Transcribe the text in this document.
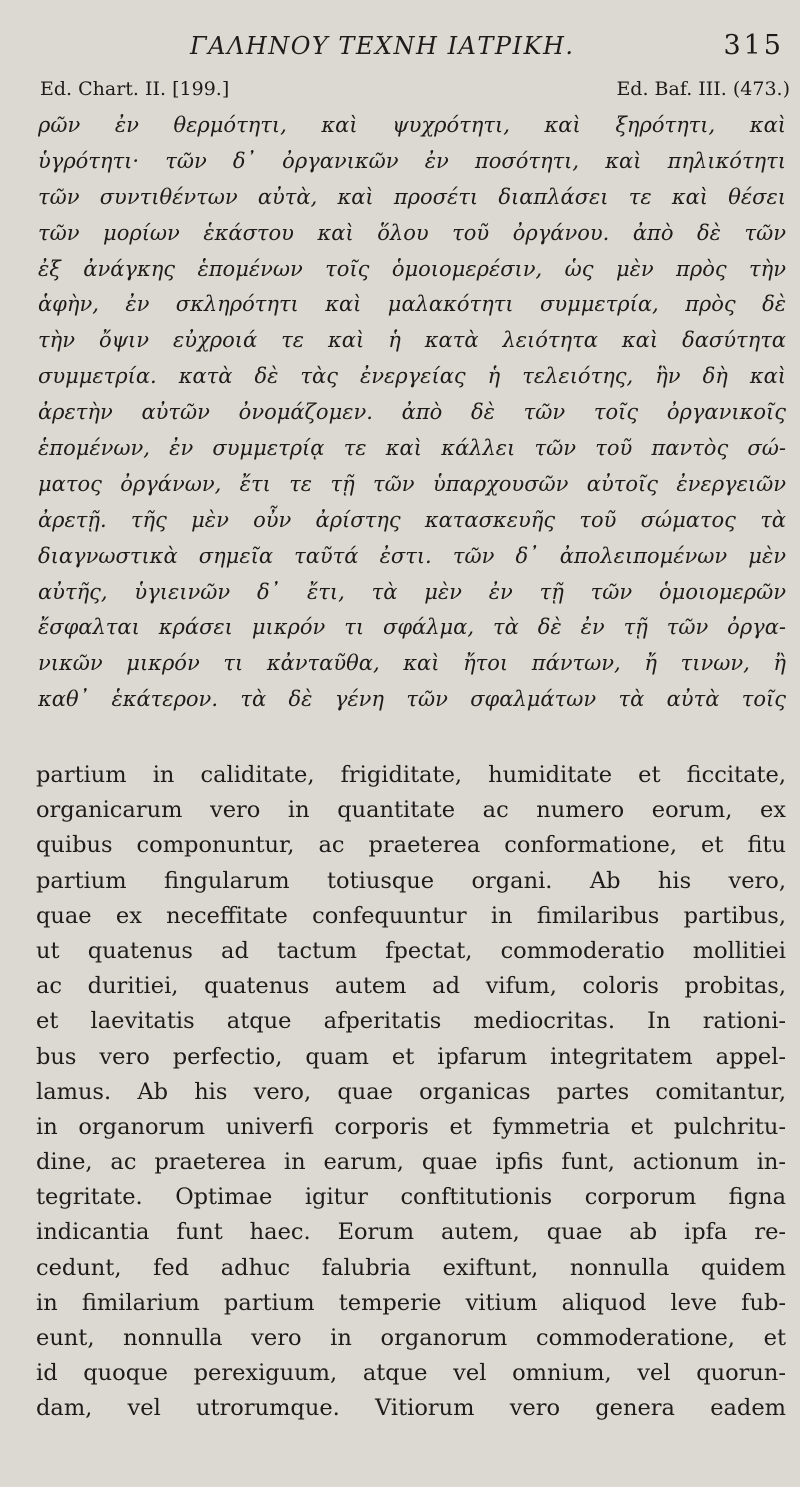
ΓΑΛΗΝΟΥ ΤΕΧΝΗ ΙΑΤΡΙΚΗ.	315
Ed. Chart. II. [199.]	Ed. Baf. III. (473.)
ρῶν ἐν θερμότητι, καὶ ψυχρότητι, καὶ ξηρότητι, καὶ
ὑγρότητι· τῶν δ᾽ ὀργανικῶν ἐν ποσότητι, καὶ πηλικότητι
τῶν συντιθέντων αὐτὰ, καὶ προσέτι διαπλάσει τε καὶ θέσει
τῶν μορίων ἑκάστου καὶ ὅλου τοῦ ὀργάνου. ἀπὸ δὲ τῶν
ἐξ ἀνάγκης ἑπομένων τοῖς ὁμοιομερέσιν, ὡς μὲν πρὸς τὴν
ἁφὴν, ἐν σκληρότητι καὶ μαλακότητι συμμετρία, πρὸς δὲ
τὴν ὄψιν εὐχροιά τε καὶ ἡ κατὰ λειότητα καὶ δασύτητα
συμμετρία. κατὰ δὲ τὰς ἐνεργείας ἡ τελειότης, ἣν δὴ καὶ
ἀρετὴν αὐτῶν ὀνομάζομεν. ἀπὸ δὲ τῶν τοῖς ὀργανικοῖς
ἑπομένων, ἐν συμμετρίᾳ τε καὶ κάλλει τῶν τοῦ παντὸς σώ-
ματος ὀργάνων, ἔτι τε τῇ τῶν ὑπαρχουσῶν αὐτοῖς ἐνεργειῶν
ἀρετῇ. τῆς μὲν οὖν ἀρίστης κατασκευῆς τοῦ σώματος τὰ
διαγνωστικὰ σημεῖα ταῦτά ἐστι. τῶν δ᾽ ἀπολειπομένων μὲν
αὐτῆς, ὑγιεινῶν δ᾽ ἔτι, τὰ μὲν ἐν τῇ τῶν ὁμοιομερῶν
ἔσφαλται κράσει μικρόν τι σφάλμα, τὰ δὲ ἐν τῇ τῶν ὀργα-
νικῶν μικρόν τι κἀνταῦθα, καὶ ἤτοι πάντων, ἤ τινων, ἢ
καθ᾽ ἑκάτερον. τὰ δὲ γένη τῶν σφαλμάτων τὰ αὐτὰ τοῖς
partium in caliditate, frigiditate, humiditate et ficcitate,
organicarum vero in quantitate ac numero eorum, ex
quibus componuntur, ac praeterea conformatione, et fitu
partium fingularum totiusque organi. Ab his vero,
quae ex neceffitate confequuntur in fimilaribus partibus,
ut quatenus ad tactum fpectat, commoderatio mollitiei
ac duritiei, quatenus autem ad vifum, coloris probitas,
et laevitatis atque afperitatis mediocritas. In rationi-
bus vero perfectio, quam et ipfarum integritatem appel-
lamus. Ab his vero, quae organicas partes comitantur,
in organorum univerfi corporis et fymmetria et pulchritu-
dine, ac praeterea in earum, quae ipfis funt, actionum in-
tegritate. Optimae igitur conftitutionis corporum figna
indicantia funt haec. Eorum autem, quae ab ipfa re-
cedunt, fed adhuc falubria exiftunt, nonnulla quidem
in fimilarium partium temperie vitium aliquod leve fub-
eunt, nonnulla vero in organorum commoderatione, et
id quoque perexiguum, atque vel omnium, vel quorun-
dam, vel utrorumque. Vitiorum vero genera eadem
